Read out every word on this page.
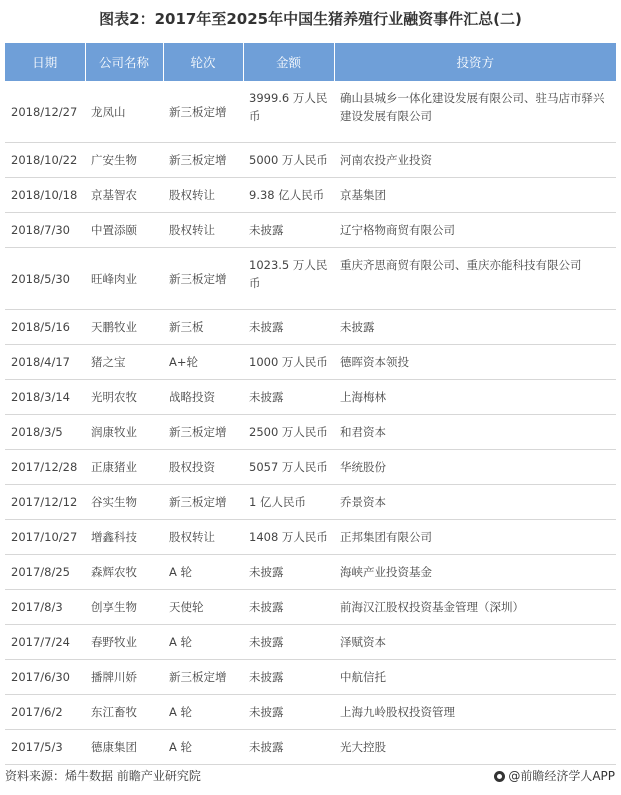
图表2：2017年至2025年中国生猪养殖行业融资事件汇总(二)
日期	公司名称	轮次	金额	投资方
2018/12/27	龙凤山	新三板定增	3999.6 万人民币	确山县城乡一体化建设发展有限公司、驻马店市驿兴建设发展有限公司
2018/10/22	广安生物	新三板定增	5000 万人民币	河南农投产业投资
2018/10/18	京基智农	股权转让	9.38 亿人民币	京基集团
2018/7/30	中置添颐	股权转让	未披露	辽宁格物商贸有限公司
2018/5/30	旺峰肉业	新三板定增	1023.5 万人民币	重庆齐思商贸有限公司、重庆亦能科技有限公司
2018/5/16	天鹏牧业	新三板	未披露	未披露
2018/4/17	猪之宝	A+轮	1000 万人民币	德晖资本领投
2018/3/14	光明农牧	战略投资	未披露	上海梅林
2018/3/5	润康牧业	新三板定增	2500 万人民币	和君资本
2017/12/28	正康猪业	股权投资	5057 万人民币	华统股份
2017/12/12	谷实生物	新三板定增	1 亿人民币	乔景资本
2017/10/27	增鑫科技	股权转让	1408 万人民币	正邦集团有限公司
2017/8/25	森辉农牧	A 轮	未披露	海峡产业投资基金
2017/8/3	创享生物	天使轮	未披露	前海汉江股权投资基金管理（深圳）
2017/7/24	春野牧业	A 轮	未披露	泽赋资本
2017/6/30	播牌川娇	新三板定增	未披露	中航信托
2017/6/2	东江畜牧	A 轮	未披露	上海九岭股权投资管理
2017/5/3	德康集团	A 轮	未披露	光大控股
资料来源：烯牛数据 前瞻产业研究院	@前瞻经济学人APP
